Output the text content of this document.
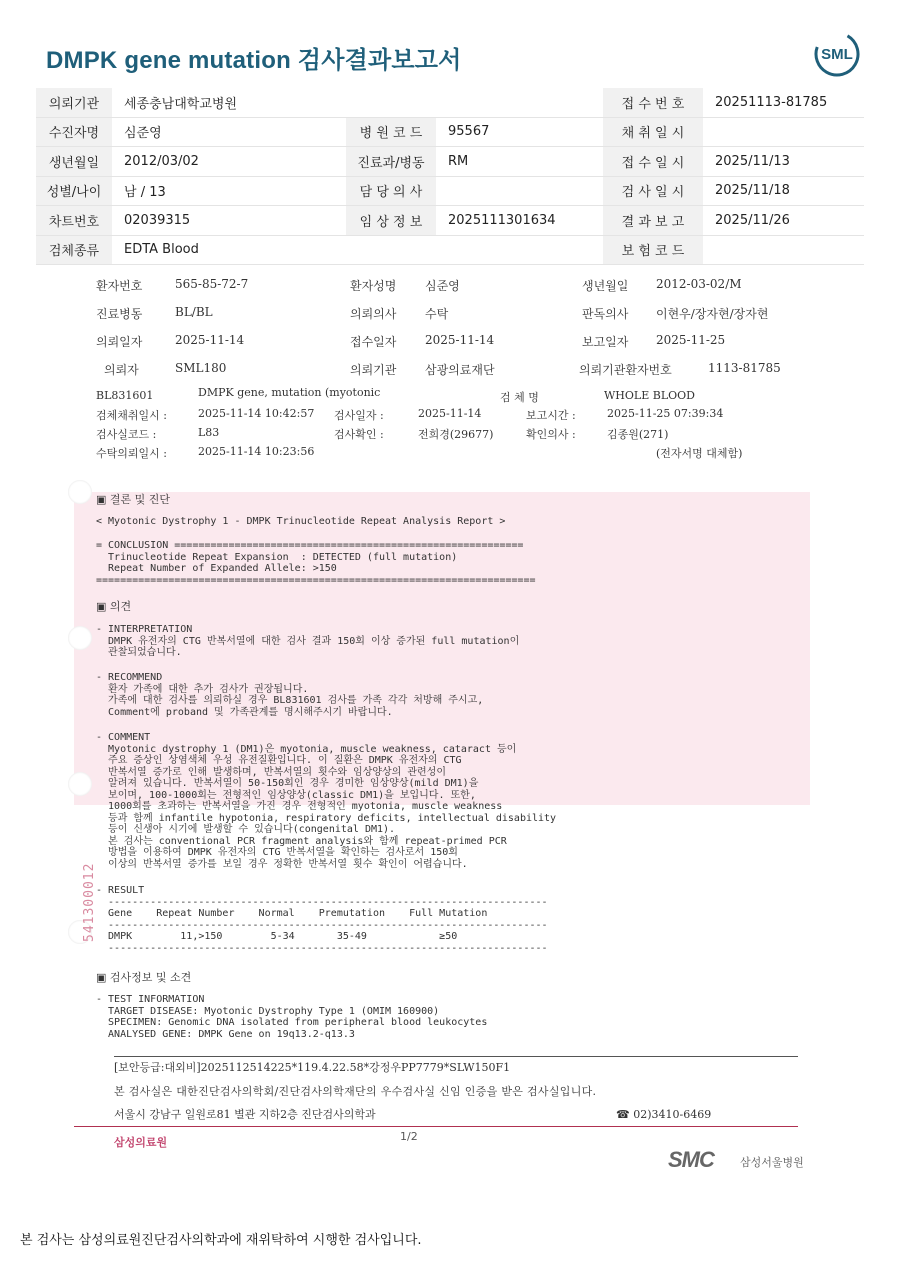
DMPK gene mutation 검사결과보고서	SML
의뢰기관	세종충남대학교병원			접 수 번 호	20251113-81785
수진자명	심준영	병 원 코 드	95567	채 취 일 시	
생년월일	2012/03/02	진료과/병동	RM	접 수 일 시	2025/11/13
성별/나이	남 / 13	담 당 의 사		검 사 일 시	2025/11/18
차트번호	02039315	임 상 정 보	2025111301634	결 과 보 고	2025/11/26
검체종류	EDTA Blood			보 험 코 드	
환자번호	565-85-72-7	환자성명 심준영	생년월일 2012-03-02/M
진료병동	BL/BL	의뢰의사 수탁	판독의사 이현우/장자현/장자현
의뢰일자	2025-11-14	접수일자 2025-11-14	보고일자 2025-11-25
의뢰자	SML180	의뢰기관 삼광의료재단	의뢰기관환자번호	1113-81785
BL831601	DMPK gene, mutation (myotonic	검 체 명	WHOLE BLOOD
검체채취일시 :	2025-11-14 10:42:57 검사일자 :	2025-11-14	보고시간 :	2025-11-25 07:39:34
검사실코드 :	L83	검사확인 :	전희경(29677)	확인의사 :	김종원(271)
수탁의뢰일시 :	2025-11-14 10:23:56	(전자서명 대체함)
▣ 결론 및 진단
< Myotonic Dystrophy 1 - DMPK Trinucleotide Repeat Analysis Report >
= CONCLUSION ==========================================================
Trinucleotide Repeat Expansion  : DETECTED (full mutation)
Repeat Number of Expanded Allele: >150
=========================================================================
▣ 의견
- INTERPRETATION
DMPK 유전자의 CTG 반복서열에 대한 검사 결과 150회 이상 증가된 full mutation이
관찰되었습니다.
- RECOMMEND
환자 가족에 대한 추가 검사가 권장됩니다.
가족에 대한 검사를 의뢰하실 경우 BL831601 검사를 가족 각각 처방해 주시고,
Comment에 proband 및 가족관계를 명시해주시기 바랍니다.
- COMMENT
Myotonic dystrophy 1 (DM1)은 myotonia, muscle weakness, cataract 등이
주요 증상인 상염색체 우성 유전질환입니다. 이 질환은 DMPK 유전자의 CTG
반복서열 증가로 인해 발생하며, 반복서열의 횟수와 임상양상의 관련성이
알려져 있습니다. 반복서열이 50-150회인 경우 경미한 임상양상(mild DM1)을
보이며, 100-1000회는 전형적인 임상양상(classic DM1)을 보입니다. 또한,
1000회를 초과하는 반복서열을 가진 경우 전형적인 myotonia, muscle weakness
등과 함께 infantile hypotonia, respiratory deficits, intellectual disability
등이 신생아 시기에 발생할 수 있습니다(congenital DM1).
본 검사는 conventional PCR fragment analysis와 함께 repeat-primed PCR
방법을 이용하여 DMPK 유전자의 CTG 반복서열을 확인하는 검사로서 150회
이상의 반복서열 증가를 보일 경우 정확한 반복서열 횟수 확인이 어렵습니다.
- RESULT
-------------------------------------------------------------------------
Gene    Repeat Number    Normal    Premutation    Full Mutation
-------------------------------------------------------------------------
DMPK        11,>150        5-34       35-49            ≥50
-------------------------------------------------------------------------
▣ 검사정보 및 소견
- TEST INFORMATION
TARGET DISEASE: Myotonic Dystrophy Type 1 (OMIM 160900)
SPECIMEN: Genomic DNA isolated from peripheral blood leukocytes
ANALYSED GENE: DMPK Gene on 19q13.2-q13.3
541300012
[보안등급:대외비]2025112514225*119.4.22.58*강정우PP7779*SLW150F1
본 검사실은 대한진단검사의학회/진단검사의학재단의 우수검사실 신임 인증을 받은 검사실입니다.
서울시 강남구 일원로81 별관 지하2층 진단검사의학과	☎ 02)3410-6469
삼성의료원	1/2
SMC 삼성서울병원
본 검사는 삼성의료원진단검사의학과에 재위탁하여 시행한 검사입니다.
